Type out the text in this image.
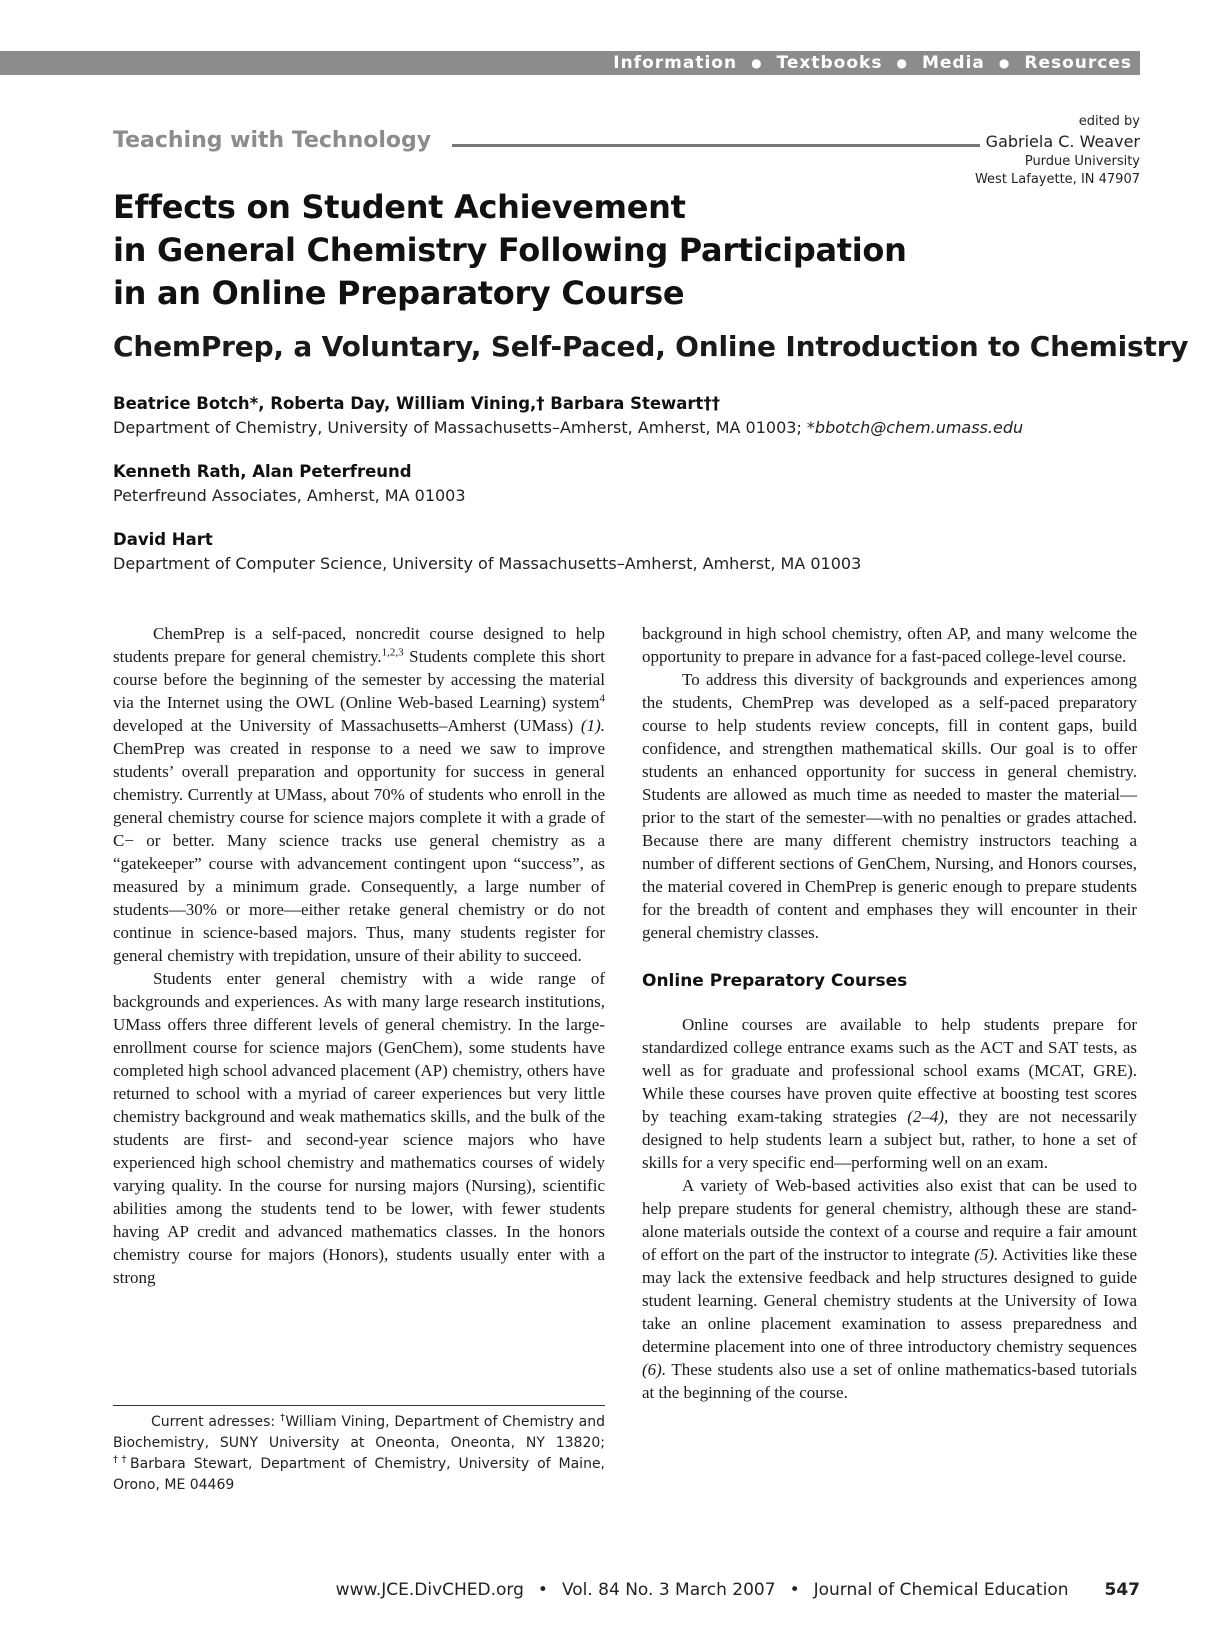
Information ● Textbooks ● Media ● Resources
Teaching with Technology
edited by
Gabriela C. Weaver
Purdue University
West Lafayette, IN 47907
Effects on Student Achievement
in General Chemistry Following Participation
in an Online Preparatory Course
ChemPrep, a Voluntary, Self-Paced, Online Introduction to Chemistry
Beatrice Botch*, Roberta Day, William Vining,† Barbara Stewart††
Department of Chemistry, University of Massachusetts–Amherst, Amherst, MA 01003; *bbotch@chem.umass.edu
Kenneth Rath, Alan Peterfreund
Peterfreund Associates, Amherst, MA 01003
David Hart
Department of Computer Science, University of Massachusetts–Amherst, Amherst, MA 01003

ChemPrep is a self-paced, noncredit course designed to help students prepare for general chemistry.$^{1,2,3}$ Students complete this short course before the beginning of the semester by accessing the material via the Internet using the OWL (Online Web-based Learning) system$^4$ developed at the University of Massachusetts–Amherst (UMass) (1). ChemPrep was created in response to a need we saw to improve students’ overall preparation and opportunity for success in general chemistry. Currently at UMass, about 70% of students who enroll in the general chemistry course for science majors complete it with a grade of C− or better. Many science tracks use general chemistry as a “gatekeeper” course with advancement contingent upon “success”, as measured by a minimum grade. Consequently, a large number of students—30% or more—either retake general chemistry or do not continue in science-based majors. Thus, many students register for general chemistry with trepidation, unsure of their ability to succeed.

Students enter general chemistry with a wide range of backgrounds and experiences. As with many large research institutions, UMass offers three different levels of general chemistry. In the large-enrollment course for science majors (GenChem), some students have completed high school advanced placement (AP) chemistry, others have returned to school with a myriad of career experiences but very little chemistry background and weak mathematics skills, and the bulk of the students are first- and second-year science majors who have experienced high school chemistry and mathematics courses of widely varying quality. In the course for nursing majors (Nursing), scientific abilities among the students tend to be lower, with fewer students having AP credit and advanced mathematics classes. In the honors chemistry course for majors (Honors), students usually enter with a strong

background in high school chemistry, often AP, and many welcome the opportunity to prepare in advance for a fast-paced college-level course.

To address this diversity of backgrounds and experiences among the students, ChemPrep was developed as a self-paced preparatory course to help students review concepts, fill in content gaps, build confidence, and strengthen mathematical skills. Our goal is to offer students an enhanced opportunity for success in general chemistry. Students are allowed as much time as needed to master the material—prior to the start of the semester—with no penalties or grades attached. Because there are many different chemistry instructors teaching a number of different sections of GenChem, Nursing, and Honors courses, the material covered in ChemPrep is generic enough to prepare students for the breadth of content and emphases they will encounter in their general chemistry classes.

Online Preparatory Courses

Online courses are available to help students prepare for standardized college entrance exams such as the ACT and SAT tests, as well as for graduate and professional school exams (MCAT, GRE). While these courses have proven quite effective at boosting test scores by teaching exam-taking strategies (2–4), they are not necessarily designed to help students learn a subject but, rather, to hone a set of skills for a very specific end—performing well on an exam.

A variety of Web-based activities also exist that can be used to help prepare students for general chemistry, although these are stand-alone materials outside the context of a course and require a fair amount of effort on the part of the instructor to integrate (5). Activities like these may lack the extensive feedback and help structures designed to guide student learning. General chemistry students at the University of Iowa take an online placement examination to assess preparedness and determine placement into one of three introductory chemistry sequences (6). These students also use a set of online mathematics-based tutorials at the beginning of the course.

Current adresses: †William Vining, Department of Chemistry and Biochemistry, SUNY University at Oneonta, Oneonta, NY 13820; ††Barbara Stewart, Department of Chemistry, University of Maine, Orono, ME 04469
www.JCE.DivCHED.org • Vol. 84 No. 3 March 2007 • Journal of Chemical Education 547
